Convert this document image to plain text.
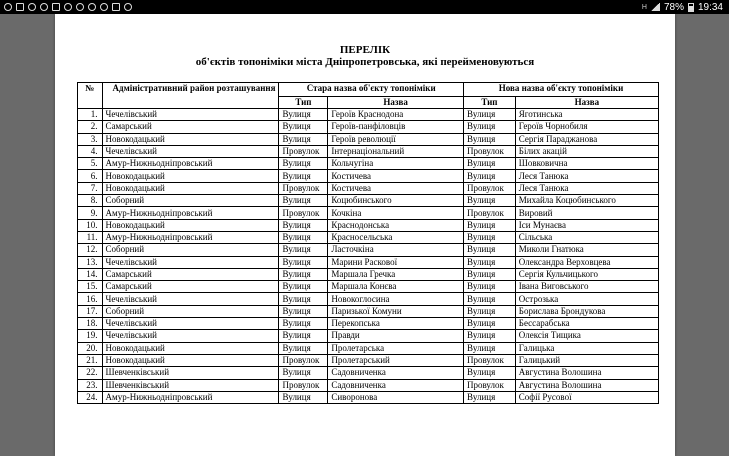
H 78% 19:34
ПЕРЕЛІК
об'єктів топоніміки міста Дніпропетровська, які перейменовуються
№	Адміністративний район розташування	Стара назва об'єкту топоніміки		Нова назва об'єкту топоніміки	
		Тип	Назва	Тип	Назва
1.	Чечелівський	Вулиця	Героїв Краснодона	Вулиця	Яготинська
2.	Самарський	Вулиця	Героїв-панфіловців	Вулиця	Героїв Чорнобиля
3.	Новокодацький	Вулиця	Героїв революції	Вулиця	Сергія Параджанова
4.	Чечелівський	Провулок	Інтернаціональний	Провулок	Білих акацій
5.	Амур-Нижньодніпровський	Вулиця	Кольчугіна	Вулиця	Шовковична
6.	Новокодацький	Вулиця	Костичева	Вулиця	Леся Танюка
7.	Новокодацький	Провулок	Костичева	Провулок	Леся Танюка
8.	Соборний	Вулиця	Коцюбинського	Вулиця	Михайла Коцюбинського
9.	Амур-Нижньодніпровський	Провулок	Кочкіна	Провулок	Вировий
10.	Новокодацький	Вулиця	Краснодонська	Вулиця	Іси Мунаєва
11.	Амур-Нижньодніпровський	Вулиця	Красносельська	Вулиця	Сільська
12.	Соборний	Вулиця	Ласточкіна	Вулиця	Миколи Гнатюка
13.	Чечелівський	Вулиця	Марини Раскової	Вулиця	Олександра Верховцева
14.	Самарський	Вулиця	Маршала Гречка	Вулиця	Сергія Кульчицького
15.	Самарський	Вулиця	Маршала Конєва	Вулиця	Івана Виговського
16.	Чечелівський	Вулиця	Новокоглосина	Вулиця	Острозька
17.	Соборний	Вулиця	Паризької Комуни	Вулиця	Бориславa Брондукова
18.	Чечелівський	Вулиця	Перекопська	Вулиця	Бессарабська
19.	Чечелівський	Вулиця	Правди	Вулиця	Олексія Тищика
20.	Новокодацький	Вулиця	Пролетарська	Вулиця	Галицька
21.	Новокодацький	Провулок	Пролетарський	Провулок	Галицький
22.	Шевченківський	Вулиця	Садовниченка	Вулиця	Августина Волошина
23.	Шевченківський	Провулок	Садовниченка	Провулок	Августина Волошина
24.	Амур-Нижньодніпровський	Вулиця	Сиворонова	Вулиця	Софії Русової
